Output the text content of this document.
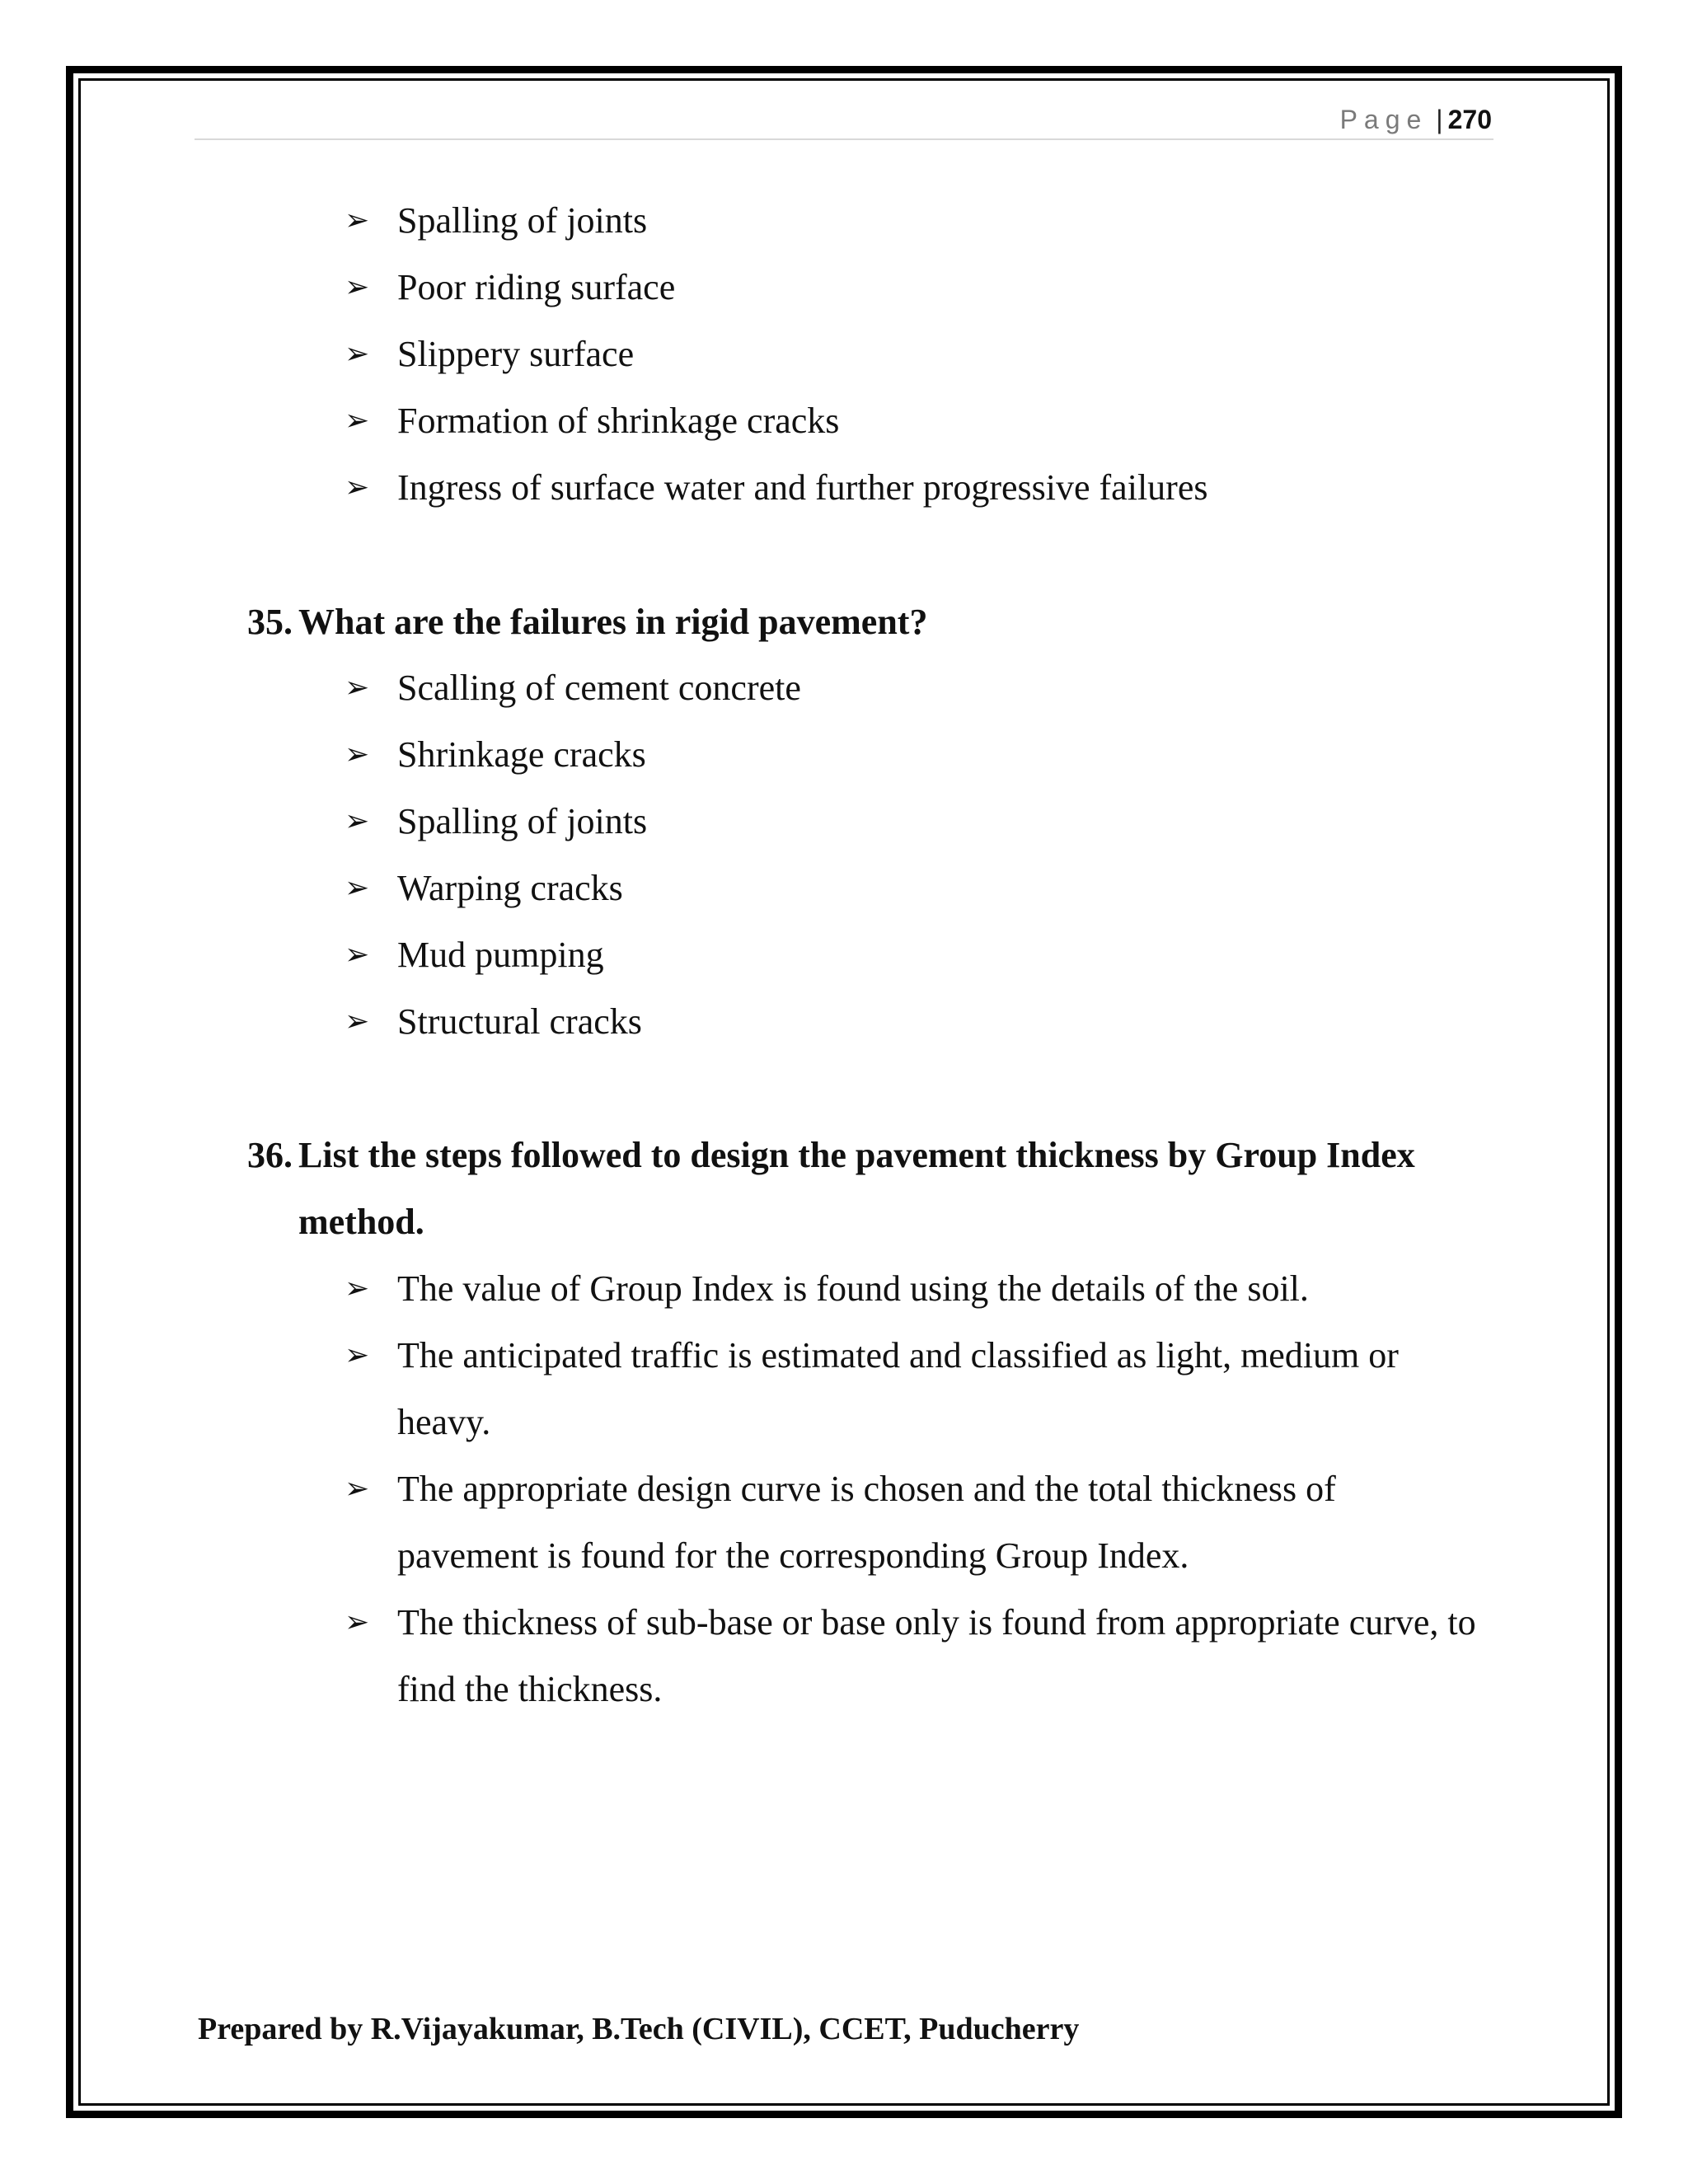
Page | 270
➢ Spalling of joints
➢ Poor riding surface
➢ Slippery surface
➢ Formation of shrinkage cracks
➢ Ingress of surface water and further progressive failures
35. What are the failures in rigid pavement?
➢ Scalling of cement concrete
➢ Shrinkage cracks
➢ Spalling of joints
➢ Warping cracks
➢ Mud pumping
➢ Structural cracks
36. List the steps followed to design the pavement thickness by Group Index method.
➢ The value of Group Index is found using the details of the soil.
➢ The anticipated traffic is estimated and classified as light, medium or heavy.
➢ The appropriate design curve is chosen and the total thickness of pavement is found for the corresponding Group Index.
➢ The thickness of sub-base or base only is found from appropriate curve, to find the thickness.
Prepared by R.Vijayakumar, B.Tech (CIVIL), CCET, Puducherry
